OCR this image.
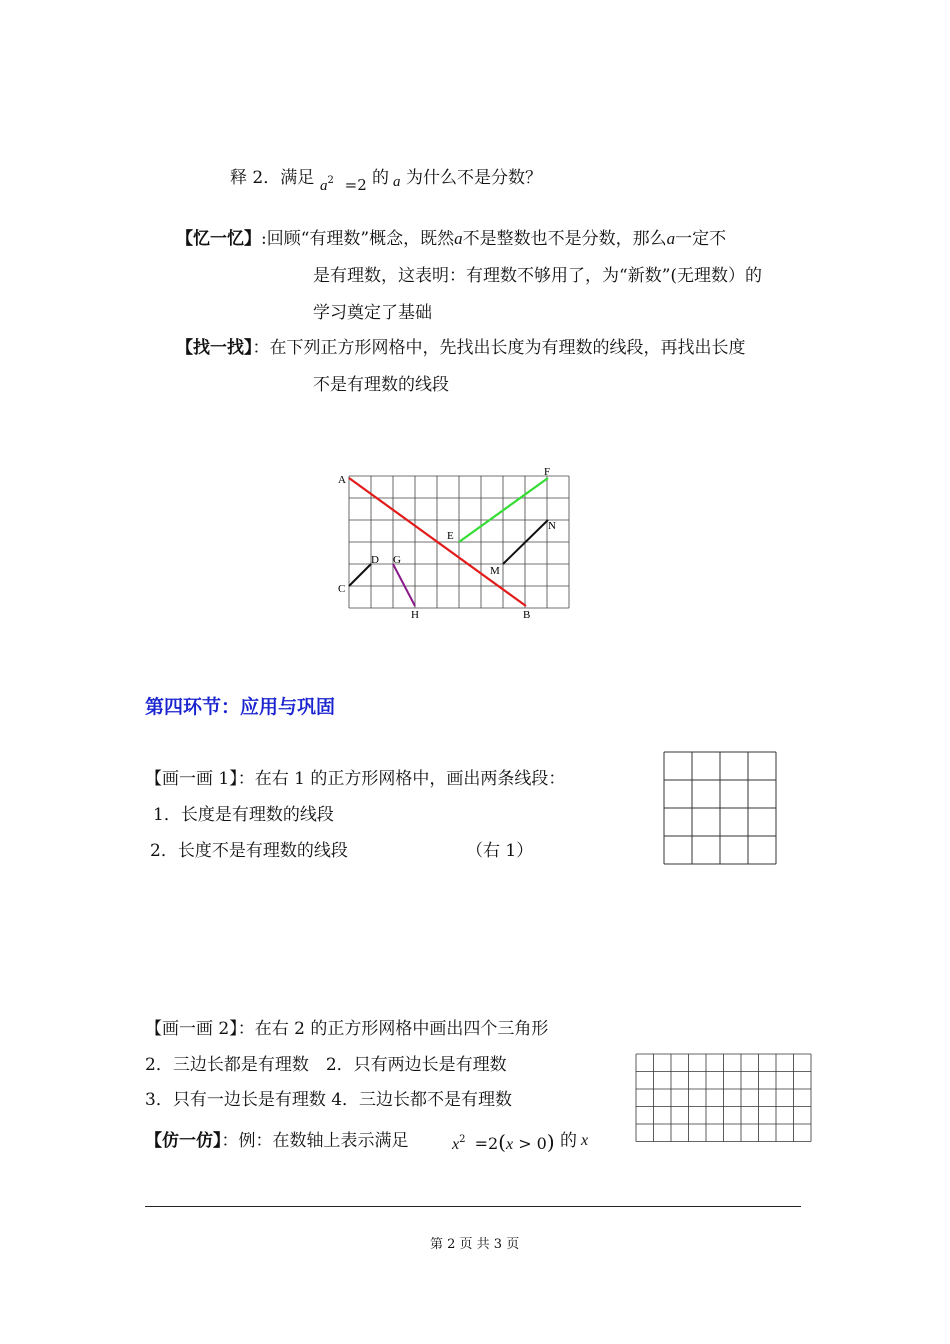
释 2．满足 $a^2 =2$ 的 a 为什么不是分数？
【忆一忆】:回顾“有理数”概念，既然a不是整数也不是分数，那么a一定不
是有理数，这表明：有理数不够用了，为“新数”(无理数）的
学习奠定了基础
【找一找】：在下列正方形网格中，先找出长度为有理数的线段，再找出长度
不是有理数的线段
A
B
C
D
E
F
G
H
M
N
第四环节：应用与巩固
【画一画 1】：在右 1 的正方形网格中，画出两条线段：
1．长度是有理数的线段
2．长度不是有理数的线段	（右 1）
【画一画 2】：在右 2 的正方形网格中画出四个三角形
2．三边长都是有理数　2．只有两边长是有理数
3．只有一边长是有理数 4．三边长都不是有理数
【仿一仿】：例：在数轴上表示满足	$x^2 =2(x > 0)$ 的 x
第 2 页 共 3 页
